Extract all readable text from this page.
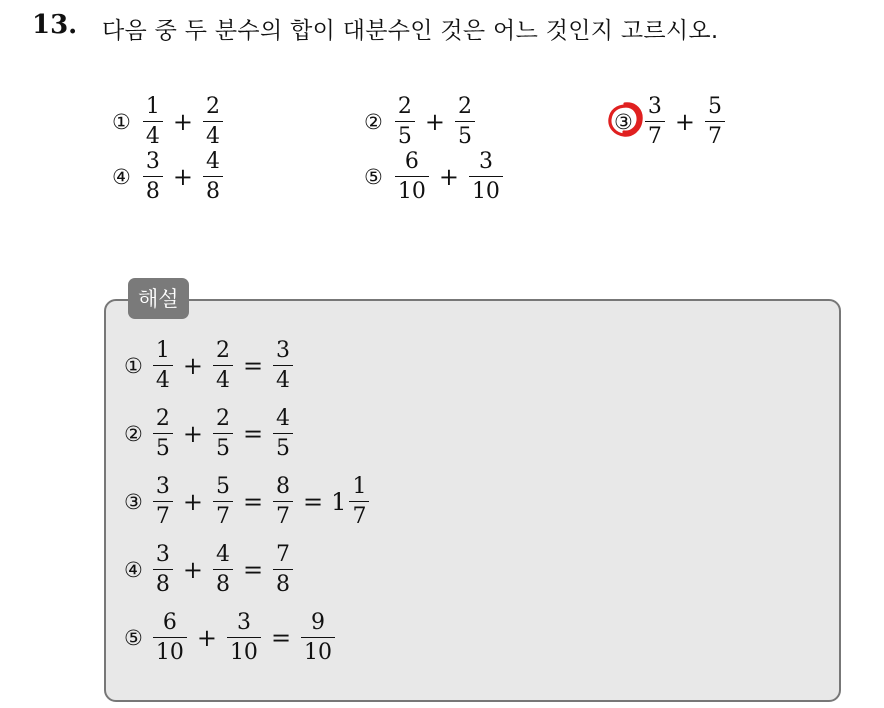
13. 다음 중 두 분수의 합이 대분수인 것은 어느 것인지 고르시오.
① $\frac{1}{4} + \frac{2}{4}$	② $\frac{2}{5} + \frac{2}{5}$	③ $\frac{3}{7} + \frac{5}{7}$
④ $\frac{3}{8} + \frac{4}{8}$	⑤ $\frac{6}{10} + \frac{3}{10}$
해설
① $\frac{1}{4} + \frac{2}{4} = \frac{3}{4}$
② $\frac{2}{5} + \frac{2}{5} = \frac{4}{5}$
③ $\frac{3}{7} + \frac{5}{7} = \frac{8}{7} = 1 \frac{1}{7}$
④ $\frac{3}{8} + \frac{4}{8} = \frac{7}{8}$
⑤ $\frac{6}{10} + \frac{3}{10} = \frac{9}{10}$
